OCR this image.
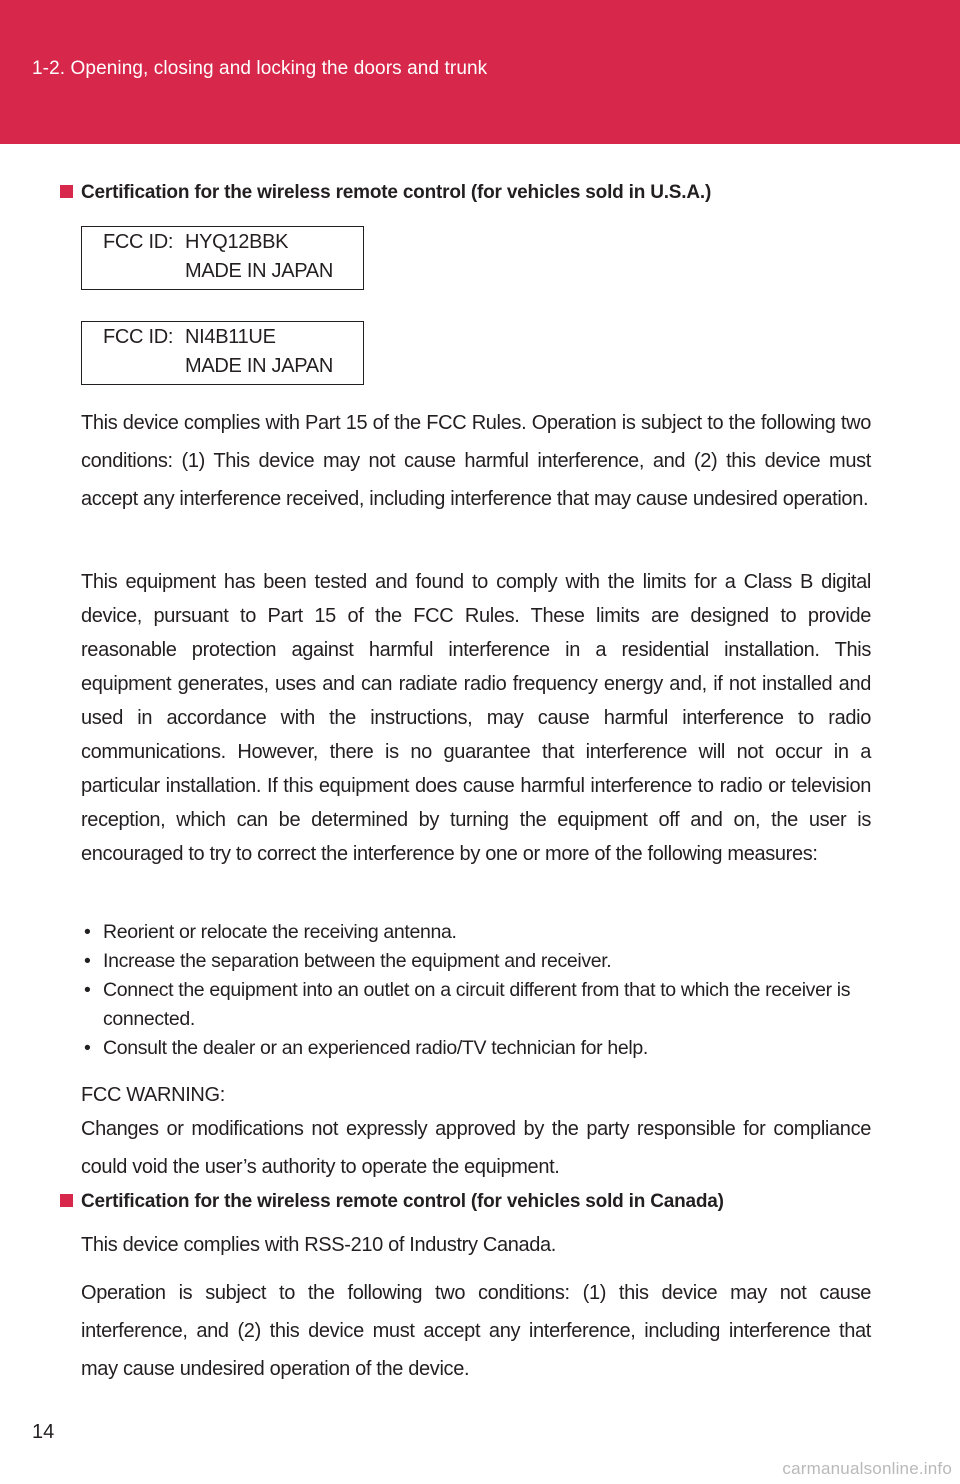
1-2. Opening, closing and locking the doors and trunk
Certification for the wireless remote control (for vehicles sold in U.S.A.)
FCC ID: HYQ12BBK
MADE IN JAPAN
FCC ID: NI4B11UE
MADE IN JAPAN
This device complies with Part 15 of the FCC Rules. Operation is subject to the following two conditions: (1) This device may not cause harmful interference, and (2) this device must accept any interference received, including interference that may cause undesired operation.
This equipment has been tested and found to comply with the limits for a Class B digital device, pursuant to Part 15 of the FCC Rules. These limits are designed to provide reasonable protection against harmful interference in a residential installation. This equipment generates, uses and can radiate radio frequency energy and, if not installed and used in accordance with the instructions, may cause harmful interference to radio communications. However, there is no guarantee that interference will not occur in a particular installation. If this equipment does cause harmful interference to radio or television reception, which can be determined by turning the equipment off and on, the user is encouraged to try to correct the interference by one or more of the following measures:
• Reorient or relocate the receiving antenna.
• Increase the separation between the equipment and receiver.
• Connect the equipment into an outlet on a circuit different from that to which the receiver is connected.
• Consult the dealer or an experienced radio/TV technician for help.
FCC WARNING:
Changes or modifications not expressly approved by the party responsible for compliance could void the user’s authority to operate the equipment.
Certification for the wireless remote control (for vehicles sold in Canada)
This device complies with RSS-210 of Industry Canada.
Operation is subject to the following two conditions: (1) this device may not cause interference, and (2) this device must accept any interference, including interference that may cause undesired operation of the device.
14
carmanualsonline.info
